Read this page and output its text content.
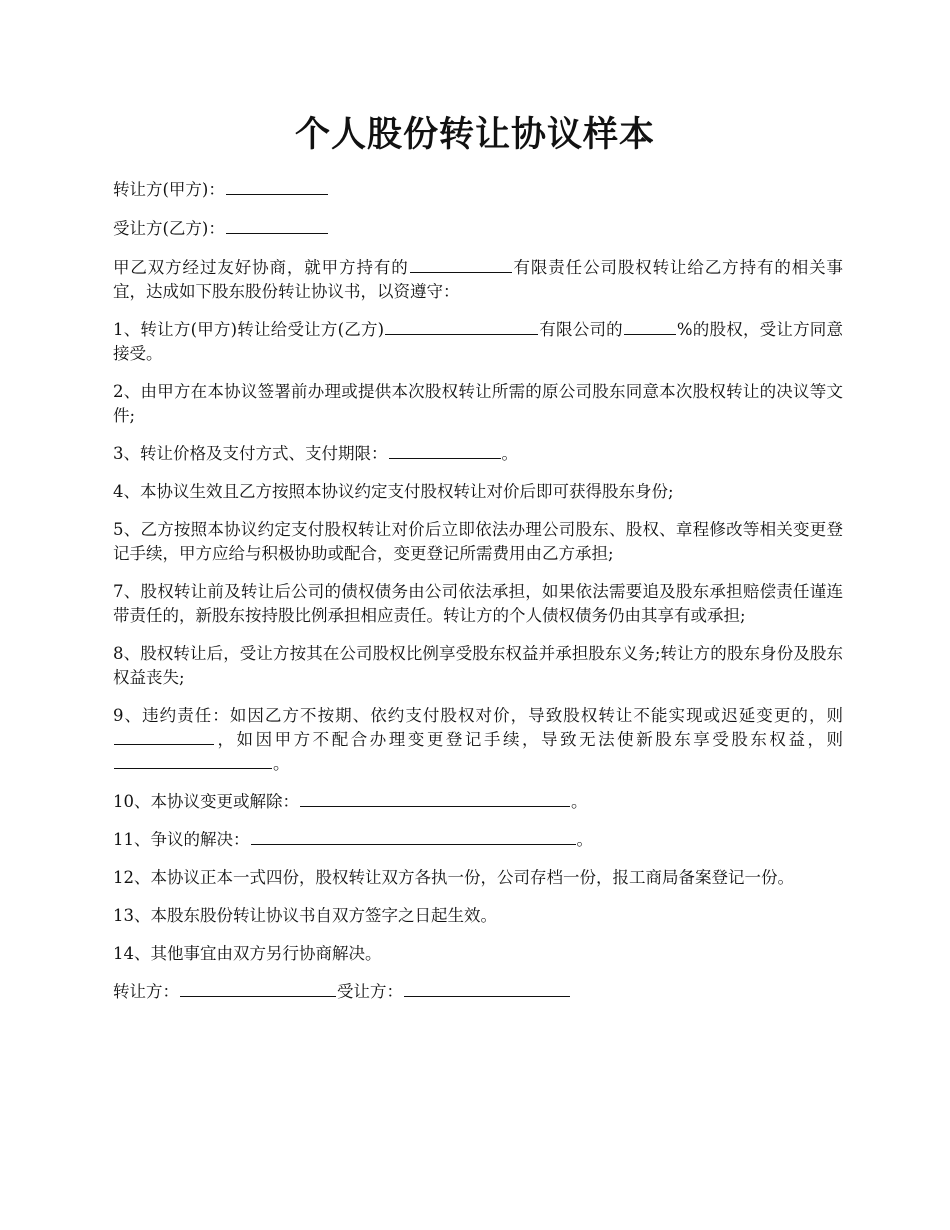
个人股份转让协议样本

转让方(甲方)：

受让方(乙方)：

甲乙双方经过友好协商，就甲方持有的	有限责任公司股权转让给乙方持有的相关事宜，达成如下股东股份转让协议书，以资遵守：

1、转让方(甲方)转让给受让方(乙方)	有限公司的	%的股权，受让方同意接受。

2、由甲方在本协议签署前办理或提供本次股权转让所需的原公司股东同意本次股权转让的决议等文件;

3、转让价格及支付方式、支付期限：	。

4、本协议生效且乙方按照本协议约定支付股权转让对价后即可获得股东身份;

5、乙方按照本协议约定支付股权转让对价后立即依法办理公司股东、股权、章程修改等相关变更登记手续，甲方应给与积极协助或配合，变更登记所需费用由乙方承担;

7、股权转让前及转让后公司的债权债务由公司依法承担，如果依法需要追及股东承担赔偿责任谨连带责任的，新股东按持股比例承担相应责任。转让方的个人债权债务仍由其享有或承担;

8、股权转让后，受让方按其在公司股权比例享受股东权益并承担股东义务;转让方的股东身份及股东权益丧失;

9、违约责任：如因乙方不按期、依约支付股权对价，导致股权转让不能实现或迟延变更的，则，如因甲方不配合办理变更登记手续，导致无法使新股东享受股东权益，则。

10、本协议变更或解除：	。

11、争议的解决：	。

12、本协议正本一式四份，股权转让双方各执一份，公司存档一份，报工商局备案登记一份。

13、本股东股份转让协议书自双方签字之日起生效。

14、其他事宜由双方另行协商解决。

转让方：	受让方：
